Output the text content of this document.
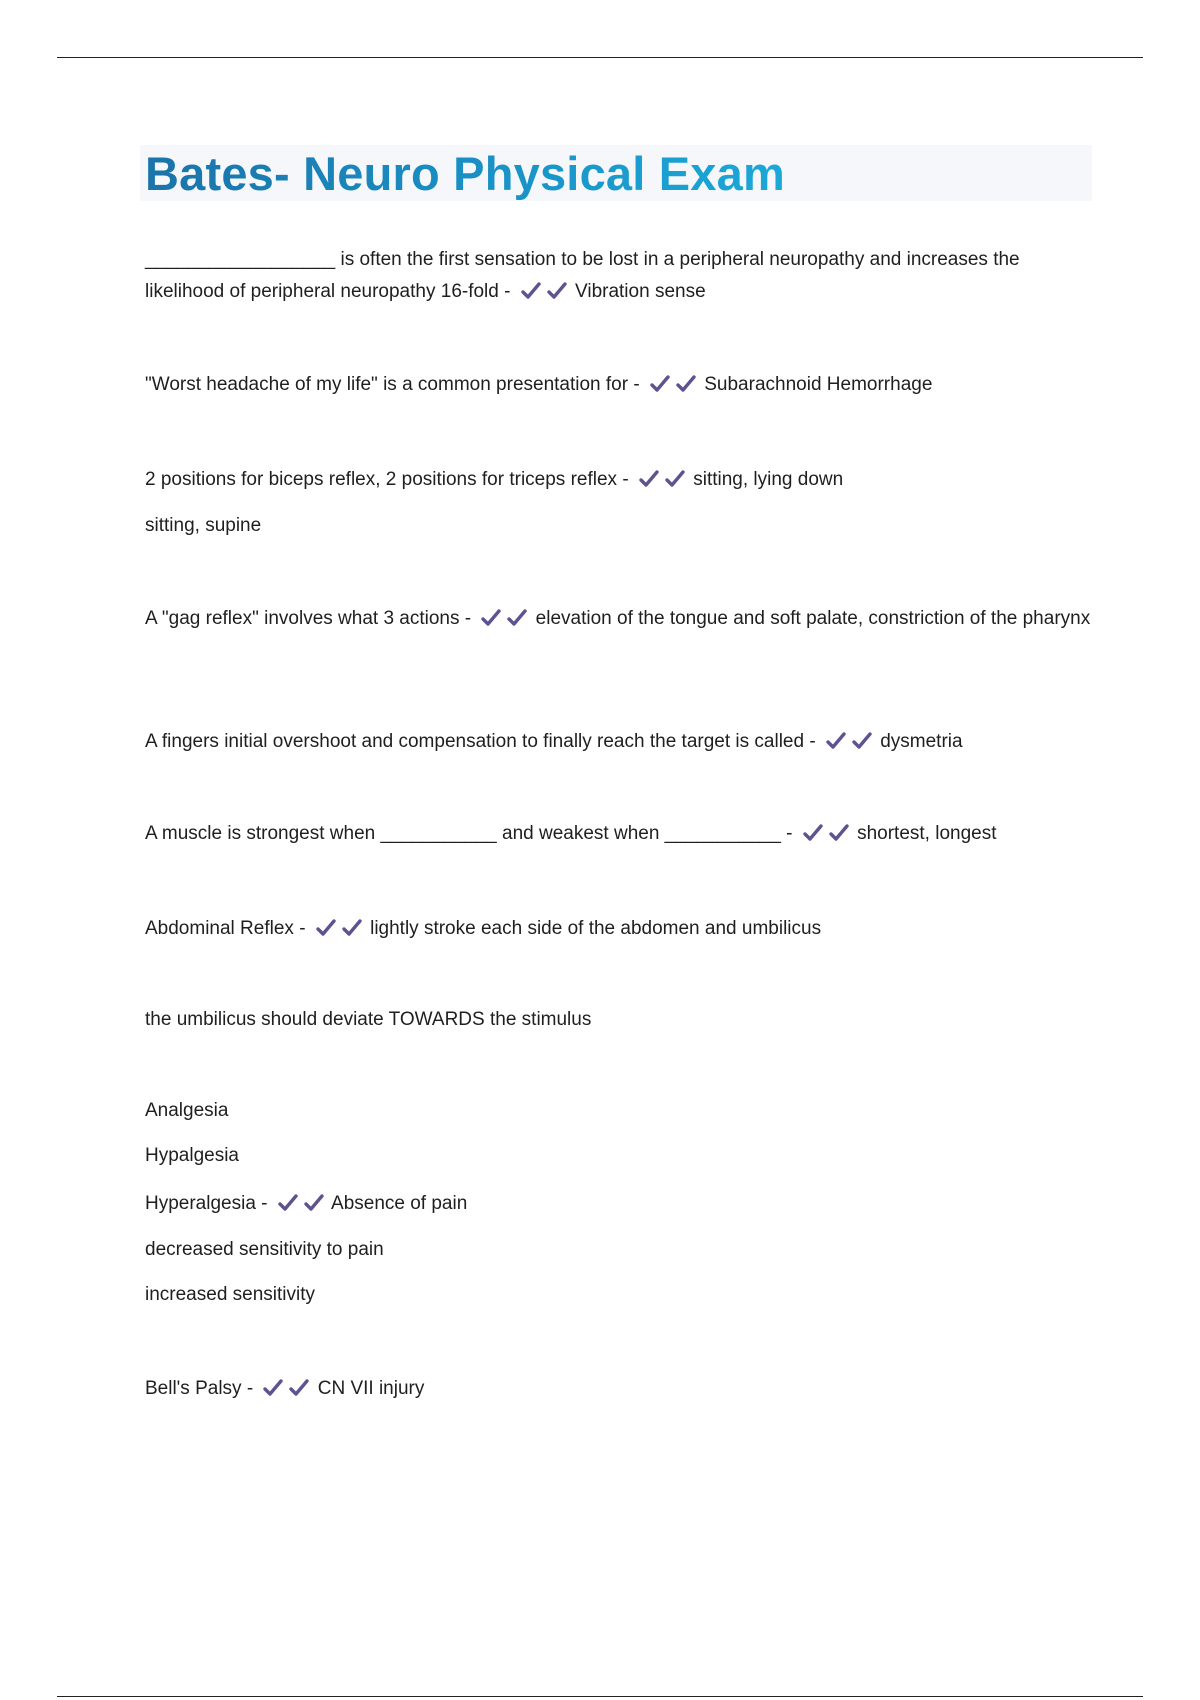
Bates- Neuro Physical Exam
__________________ is often the first sensation to be lost in a peripheral neuropathy and increases the likelihood of peripheral neuropathy 16-fold -	Vibration sense
"Worst headache of my life" is a common presentation for -	Subarachnoid Hemorrhage
2 positions for biceps reflex, 2 positions for triceps reflex -	sitting, lying down
sitting, supine
A "gag reflex" involves what 3 actions -	elevation of the tongue and soft palate, constriction of the pharynx
A fingers initial overshoot and compensation to finally reach the target is called -	dysmetria
A muscle is strongest when ___________ and weakest when ___________ -	shortest, longest
Abdominal Reflex -	lightly stroke each side of the abdomen and umbilicus
the umbilicus should deviate TOWARDS the stimulus
Analgesia
Hypalgesia
Hyperalgesia -	Absence of pain
decreased sensitivity to pain
increased sensitivity
Bell's Palsy -	CN VII injury
